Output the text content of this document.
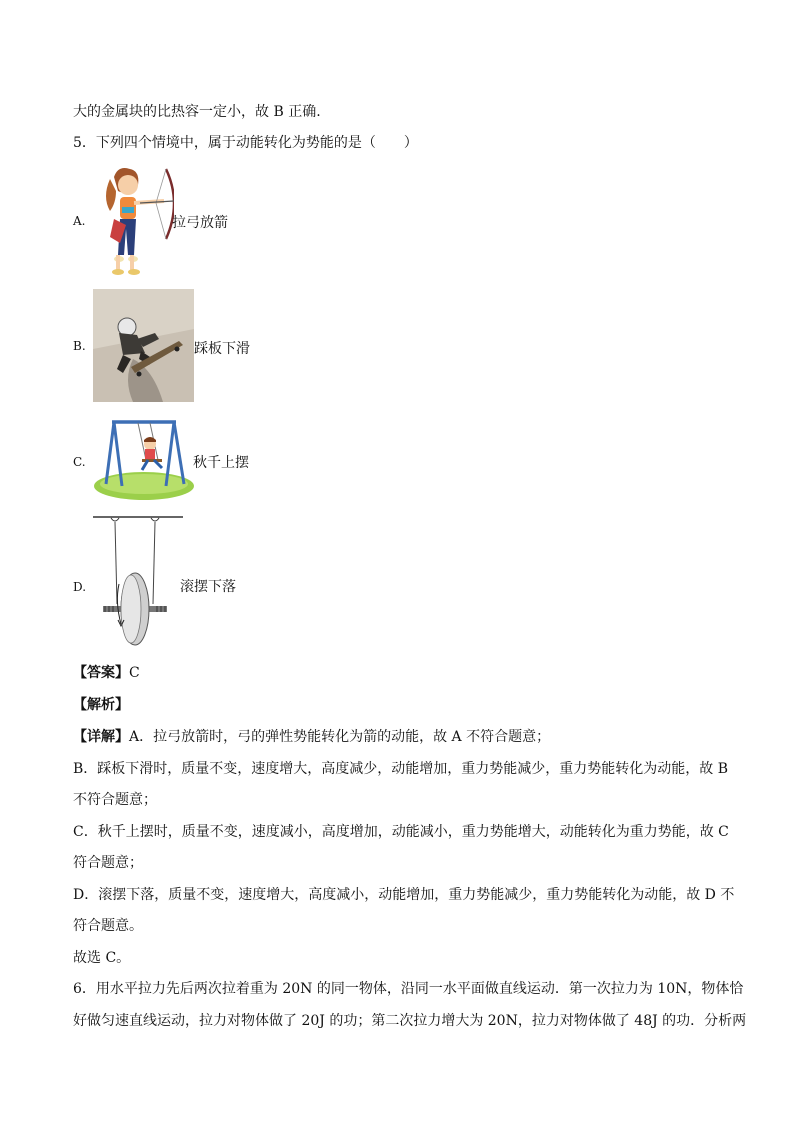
大的金属块的比热容一定小，故 B 正确.
5．下列四个情境中，属于动能转化为势能的是（　　）
A.	拉弓放箭
B.	踩板下滑
C.	秋千上摆
D.	滚摆下落
【答案】C
【解析】
【详解】A．拉弓放箭时，弓的弹性势能转化为箭的动能，故 A 不符合题意；
B．踩板下滑时，质量不变，速度增大，高度减少，动能增加，重力势能减少，重力势能转化为动能，故 B
不符合题意；
C．秋千上摆时，质量不变，速度减小，高度增加，动能减小，重力势能增大，动能转化为重力势能，故 C
符合题意；
D．滚摆下落，质量不变，速度增大，高度减小，动能增加，重力势能减少，重力势能转化为动能，故 D 不
符合题意。
故选 C。
6．用水平拉力先后两次拉着重为 20N 的同一物体，沿同一水平面做直线运动．第一次拉力为 10N，物体恰
好做匀速直线运动，拉力对物体做了 20J 的功；第二次拉力增大为 20N，拉力对物体做了 48J 的功．分析两
